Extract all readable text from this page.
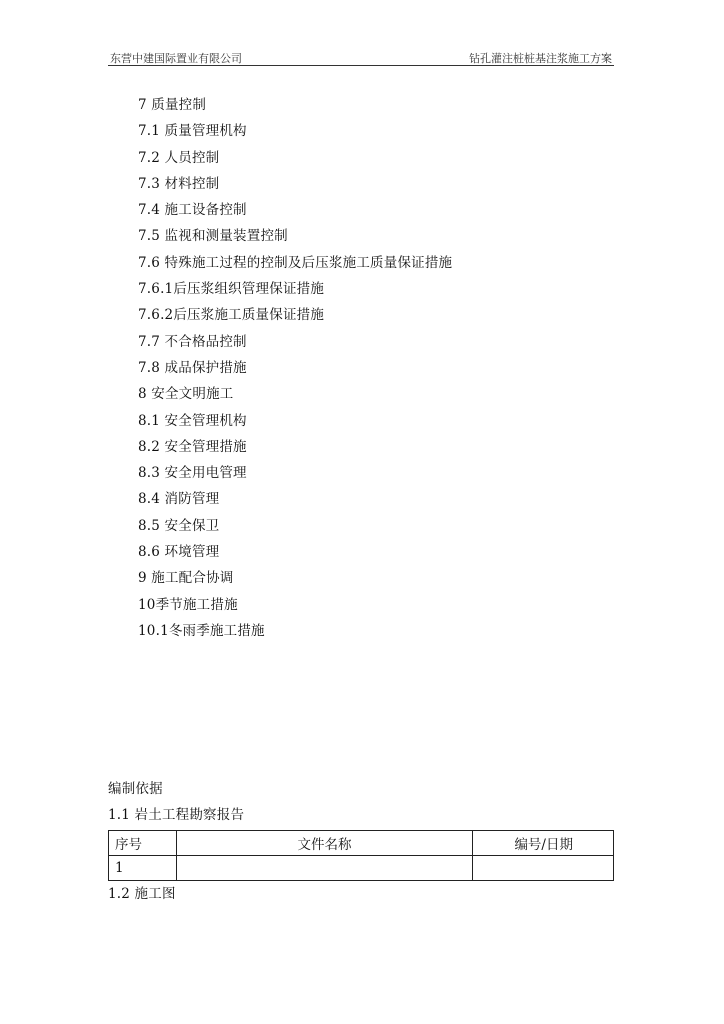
东营中建国际置业有限公司	钻孔灌注桩桩基注浆施工方案
7 质量控制
7.1 质量管理机构
7.2 人员控制
7.3 材料控制
7.4 施工设备控制
7.5 监视和测量装置控制
7.6 特殊施工过程的控制及后压浆施工质量保证措施
7.6.1后压浆组织管理保证措施
7.6.2后压浆施工质量保证措施
7.7 不合格品控制
7.8 成品保护措施
8 安全文明施工
8.1 安全管理机构
8.2 安全管理措施
8.3 安全用电管理
8.4 消防管理
8.5 安全保卫
8.6 环境管理
9 施工配合协调
10季节施工措施
10.1冬雨季施工措施
编制依据
1.1 岩土工程勘察报告
序号	文件名称	编号/日期
1		
1.2 施工图
